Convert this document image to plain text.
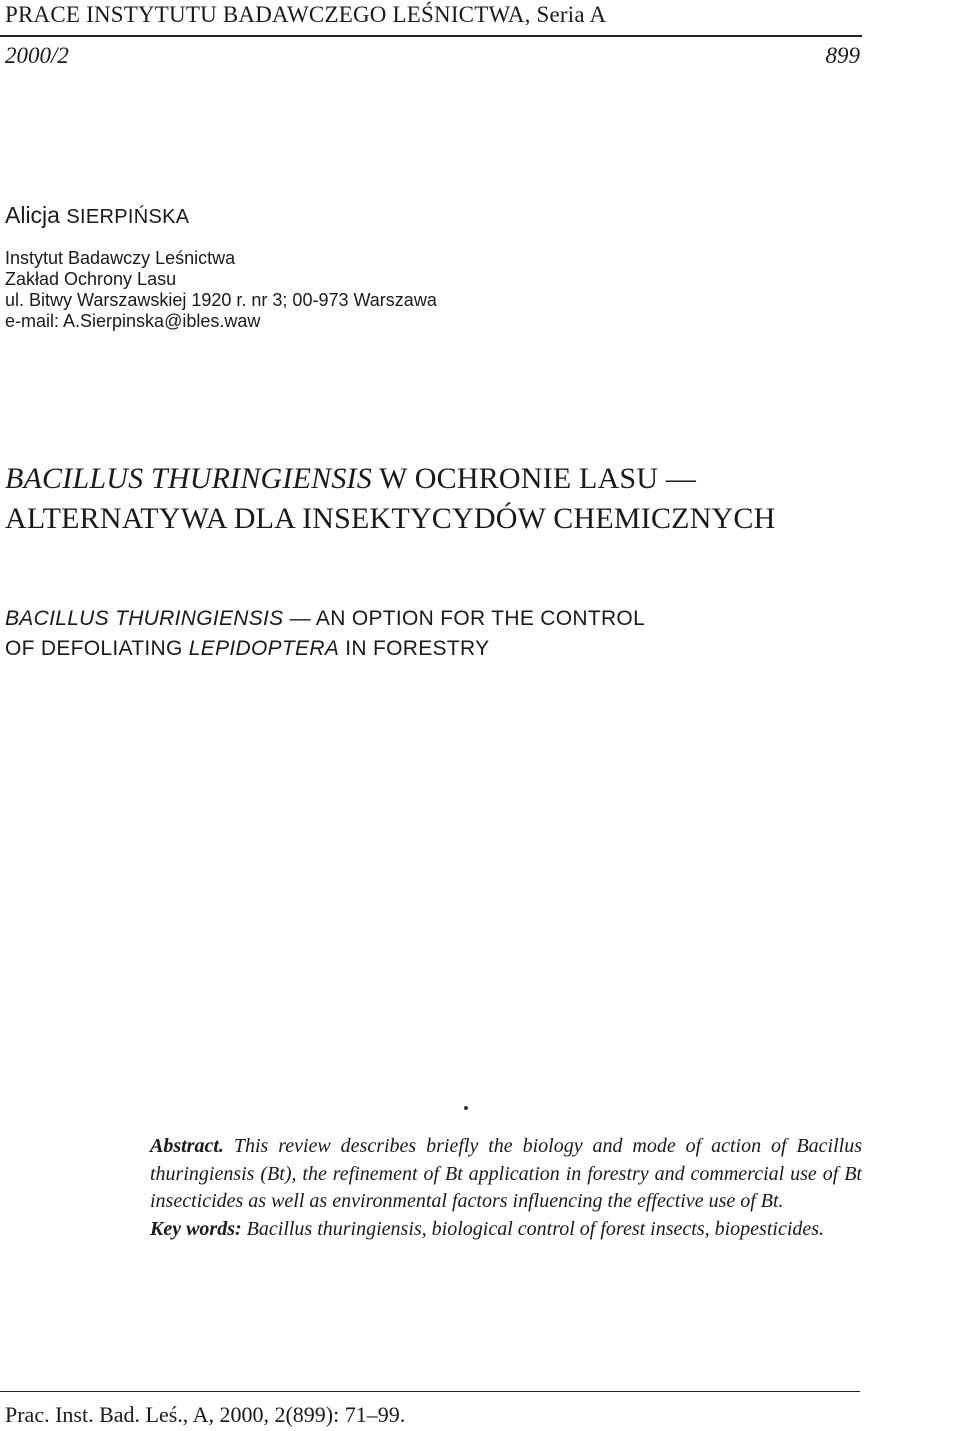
PRACE INSTYTUTU BADAWCZEGO LEŚNICTWA, Seria A
2000/2	899
Alicja SIERPIŃSKA
Instytut Badawczy Leśnictwa
Zakład Ochrony Lasu
ul. Bitwy Warszawskiej 1920 r. nr 3; 00-973 Warszawa
e-mail: A.Sierpinska@ibles.waw
BACILLUS THURINGIENSIS W OCHRONIE LASU —
ALTERNATYWA DLA INSEKTYCYDÓW CHEMICZNYCH
BACILLUS THURINGIENSIS — AN OPTION FOR THE CONTROL
OF DEFOLIATING LEPIDOPTERA IN FORESTRY
Abstract. This review describes briefly the biology and mode of action of Bacillus thuringiensis (Bt), the refinement of Bt application in forestry and commercial use of Bt insecticides as well as environmental factors influencing the effective use of Bt.
Key words: Bacillus thuringiensis, biological control of forest insects, biopesticides.
Prac. Inst. Bad. Leś., A, 2000, 2(899): 71–99.
